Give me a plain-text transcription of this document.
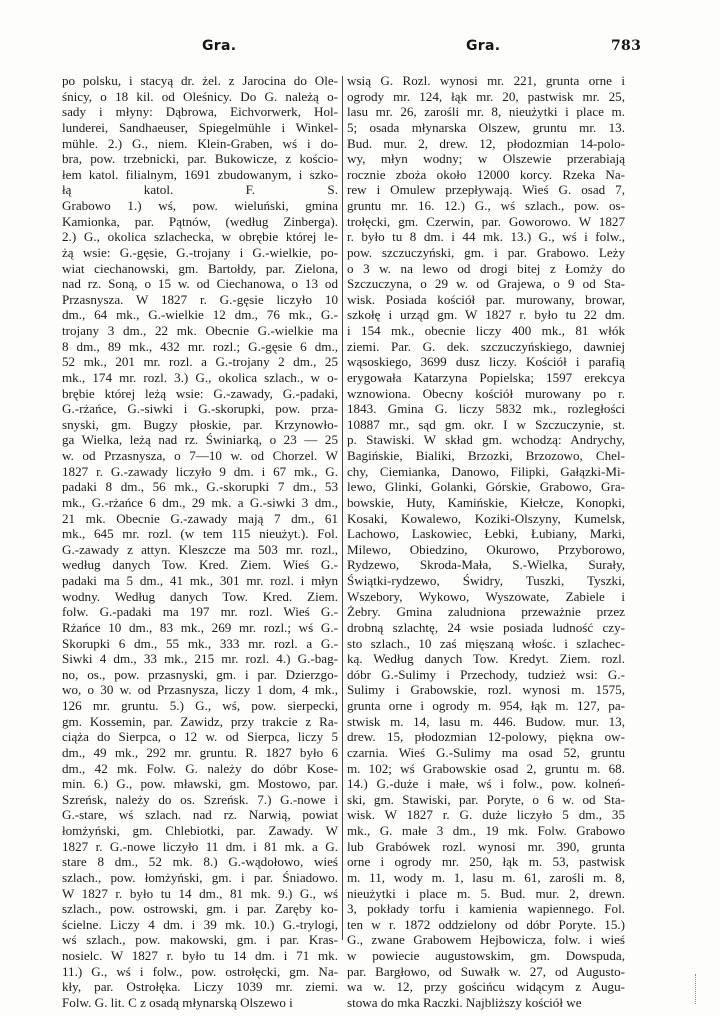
Gra.	Gra.	783
po polsku, i stacyą dr. żel. z Jarocina do Ole-
śnicy, o 18 kil. od Oleśnicy. Do G. należą o-
sady i młyny: Dąbrowa, Eichvorwerk, Hol-
lunderei, Sandhaeuser, Spiegelmühle i Winkel-
mühle. 2.) G., niem. Klein-Graben, wś i do-
bra, pow. trzebnicki, par. Bukowicze, z kościo-
łem katol. filialnym, 1691 zbudowanym, i szko-
łą katol. F. S.
Grabowo 1.) wś, pow. wieluński, gmina
Kamionka, par. Pątnów, (według Zinberga).
2.) G., okolica szlachecka, w obrębie której le-
żą wsie: G.-gęsie, G.-trojany i G.-wielkie, po-
wiat ciechanowski, gm. Bartołdy, par. Zielona,
nad rz. Soną, o 15 w. od Ciechanowa, o 13 od
Przasnysza. W 1827 r. G.-gęsie liczyło 10
dm., 64 mk., G.-wielkie 12 dm., 76 mk., G.-
trojany 3 dm., 22 mk. Obecnie G.-wielkie ma
8 dm., 89 mk., 432 mr. rozl.; G.-gęsie 6 dm.,
52 mk., 201 mr. rozl. a G.-trojany 2 dm., 25
mk., 174 mr. rozl. 3.) G., okolica szlach., w o-
brębie której leżą wsie: G.-zawady, G.-padaki,
G.-rżańce, G.-siwki i G.-skorupki, pow. prza-
snyski, gm. Bugzy płoskie, par. Krzynowło-
ga Wielka, leżą nad rz. Świniarką, o 23 — 25
w. od Przasnysza, o 7—10 w. od Chorzel. W
1827 r. G.-zawady liczyło 9 dm. i 67 mk., G.
padaki 8 dm., 56 mk., G.-skorupki 7 dm., 53
mk., G.-rżańce 6 dm., 29 mk. a G.-siwki 3 dm.,
21 mk. Obecnie G.-zawady mają 7 dm., 61
mk., 645 mr. rozl. (w tem 115 nieużyt.). Fol.
G.-zawady z attyn. Kleszcze ma 503 mr. rozl.,
według danych Tow. Kred. Ziem. Wieś G.-
padaki ma 5 dm., 41 mk., 301 mr. rozl. i młyn
wodny. Według danych Tow. Kred. Ziem.
folw. G.-padaki ma 197 mr. rozl. Wieś G.-
Rżańce 10 dm., 83 mk., 269 mr. rozl.; wś G.-
Skorupki 6 dm., 55 mk., 333 mr. rozl. a G.-
Siwki 4 dm., 33 mk., 215 mr. rozl. 4.) G.-bag-
no, os., pow. przasnyski, gm. i par. Dzierzgo-
wo, o 30 w. od Przasnysza, liczy 1 dom, 4 mk.,
126 mr. gruntu. 5.) G., wś, pow. sierpecki,
gm. Kossemin, par. Zawidz, przy trakcie z Ra-
ciąża do Sierpca, o 12 w. od Sierpca, liczy 5
dm., 49 mk., 292 mr. gruntu. R. 1827 było 6
dm., 42 mk. Folw. G. należy do dóbr Kose-
min. 6.) G., pow. mławski, gm. Mostowo, par.
Szreńsk, należy do os. Szreńsk. 7.) G.-nowe i
G.-stare, wś szlach. nad rz. Narwią, powiat
łomżyński, gm. Chlebiotki, par. Zawady. W
1827 r. G.-nowe liczyło 11 dm. i 81 mk. a G.
stare 8 dm., 52 mk. 8.) G.-wądołowo, wieś
szlach., pow. łomżyński, gm. i par. Śniadowo.
W 1827 r. było tu 14 dm., 81 mk. 9.) G., wś
szlach., pow. ostrowski, gm. i par. Zaręby ko-
ścielne. Liczy 4 dm. i 39 mk. 10.) G.-trylogi,
wś szlach., pow. makowski, gm. i par. Kras-
nosielc. W 1827 r. było tu 14 dm. i 71 mk.
11.) G., wś i folw., pow. ostrołęcki, gm. Na-
kły, par. Ostrołęka. Liczy 1039 mr. ziemi.
Folw. G. lit. C z osadą młynarską Olszewo i
wsią G. Rozl. wynosi mr. 221, grunta orne i
ogrody mr. 124, łąk mr. 20, pastwisk mr. 25,
lasu mr. 26, zarośli mr. 8, nieużytki i place m.
5; osada młynarska Olszew, gruntu mr. 13.
Bud. mur. 2, drew. 12, płodozmian 14-polo-
wy, młyn wodny; w Olszewie przerabiają
rocznie zboża około 12000 korcy. Rzeka Na-
rew i Omulew przepływają. Wieś G. osad 7,
gruntu mr. 16. 12.) G., wś szlach., pow. os-
trołęcki, gm. Czerwin, par. Goworowo. W 1827
r. było tu 8 dm. i 44 mk. 13.) G., wś i folw.,
pow. szczuczyński, gm. i par. Grabowo. Leży
o 3 w. na lewo od drogi bitej z Łomży do
Szczuczyna, o 29 w. od Grajewa, o 9 od Sta-
wisk. Posiada kościół par. murowany, browar,
szkołę i urząd gm. W 1827 r. było tu 22 dm.
i 154 mk., obecnie liczy 400 mk., 81 włók
ziemi. Par. G. dek. szczuczyńskiego, dawniej
wąsoskiego, 3699 dusz liczy. Kościół i parafią
erygowała Katarzyna Popielska; 1597 erekcya
wznowiona. Obecny kościół murowany po r.
1843. Gmina G. liczy 5832 mk., rozległości
10887 mr., sąd gm. okr. I w Szczuczynie, st.
p. Stawiski. W skład gm. wchodzą: Andrychy,
Bagińskie, Bialiki, Brzozki, Brzozowo, Chel-
chy, Ciemianka, Danowo, Filipki, Gałązki-Mi-
lewo, Glinki, Golanki, Górskie, Grabowo, Gra-
bowskie, Huty, Kamińskie, Kiełcze, Konopki,
Kosaki, Kowalewo, Koziki-Olszyny, Kumelsk,
Lachowo, Laskowiec, Łebki, Łubiany, Marki,
Milewo, Obiedzino, Okurowo, Przyborowo,
Rydzewo, Skroda-Mała, S.-Wielka, Surały,
Świątki-rydzewo, Świdry, Tuszki, Tyszki,
Wszebory, Wykowo, Wyszowate, Zabiele i
Żebry. Gmina zaludniona przeważnie przez
drobną szlachtę, 24 wsie posiada ludność czy-
sto szlach., 10 zaś mięszaną włośc. i szlachec-
ką. Według danych Tow. Kredyt. Ziem. rozl.
dóbr G.-Sulimy i Przechody, tudzież wsi: G.-
Sulimy i Grabowskie, rozl. wynosi m. 1575,
grunta orne i ogrody m. 954, łąk m. 127, pa-
stwisk m. 14, lasu m. 446. Budow. mur. 13,
drew. 15, płodozmian 12-polowy, piękna ow-
czarnia. Wieś G.-Sulimy ma osad 52, gruntu
m. 102; wś Grabowskie osad 2, gruntu m. 68.
14.) G.-duże i małe, wś i folw., pow. kolneń-
ski, gm. Stawiski, par. Poryte, o 6 w. od Sta-
wisk. W 1827 r. G. duże liczyło 5 dm., 35
mk., G. małe 3 dm., 19 mk. Folw. Grabowo
lub Grabówek rozl. wynosi mr. 390, grunta
orne i ogrody mr. 250, łąk m. 53, pastwisk
m. 11, wody m. 1, lasu m. 61, zarośli m. 8,
nieużytki i place m. 5. Bud. mur. 2, drewn.
3, pokłady torfu i kamienia wapiennego. Fol.
ten w r. 1872 oddzielony od dóbr Poryte. 15.)
G., zwane Grabowem Hejbowicza, folw. i wieś
w powiecie augustowskim, gm. Dowspuda,
par. Bargłowo, od Suwałk w. 27, od Augusto-
wa w. 12, przy gościńcu widącym z Augu-
stowa do mka Raczki. Najbliższy kościół we
